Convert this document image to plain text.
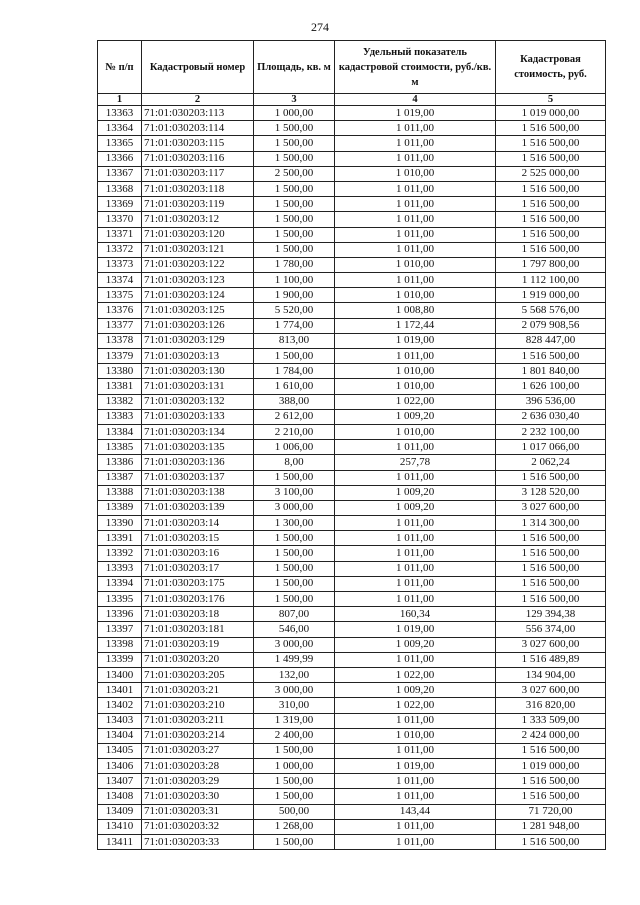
274
№ п/п	Кадастровый номер	Площадь, кв. м	Удельный показатель кадастровой стоимости, руб./кв. м	Кадастровая стоимость, руб.
1	2	3	4	5
13363	71:01:030203:113	1 000,00	1 019,00	1 019 000,00
13364	71:01:030203:114	1 500,00	1 011,00	1 516 500,00
13365	71:01:030203:115	1 500,00	1 011,00	1 516 500,00
13366	71:01:030203:116	1 500,00	1 011,00	1 516 500,00
13367	71:01:030203:117	2 500,00	1 010,00	2 525 000,00
13368	71:01:030203:118	1 500,00	1 011,00	1 516 500,00
13369	71:01:030203:119	1 500,00	1 011,00	1 516 500,00
13370	71:01:030203:12	1 500,00	1 011,00	1 516 500,00
13371	71:01:030203:120	1 500,00	1 011,00	1 516 500,00
13372	71:01:030203:121	1 500,00	1 011,00	1 516 500,00
13373	71:01:030203:122	1 780,00	1 010,00	1 797 800,00
13374	71:01:030203:123	1 100,00	1 011,00	1 112 100,00
13375	71:01:030203:124	1 900,00	1 010,00	1 919 000,00
13376	71:01:030203:125	5 520,00	1 008,80	5 568 576,00
13377	71:01:030203:126	1 774,00	1 172,44	2 079 908,56
13378	71:01:030203:129	813,00	1 019,00	828 447,00
13379	71:01:030203:13	1 500,00	1 011,00	1 516 500,00
13380	71:01:030203:130	1 784,00	1 010,00	1 801 840,00
13381	71:01:030203:131	1 610,00	1 010,00	1 626 100,00
13382	71:01:030203:132	388,00	1 022,00	396 536,00
13383	71:01:030203:133	2 612,00	1 009,20	2 636 030,40
13384	71:01:030203:134	2 210,00	1 010,00	2 232 100,00
13385	71:01:030203:135	1 006,00	1 011,00	1 017 066,00
13386	71:01:030203:136	8,00	257,78	2 062,24
13387	71:01:030203:137	1 500,00	1 011,00	1 516 500,00
13388	71:01:030203:138	3 100,00	1 009,20	3 128 520,00
13389	71:01:030203:139	3 000,00	1 009,20	3 027 600,00
13390	71:01:030203:14	1 300,00	1 011,00	1 314 300,00
13391	71:01:030203:15	1 500,00	1 011,00	1 516 500,00
13392	71:01:030203:16	1 500,00	1 011,00	1 516 500,00
13393	71:01:030203:17	1 500,00	1 011,00	1 516 500,00
13394	71:01:030203:175	1 500,00	1 011,00	1 516 500,00
13395	71:01:030203:176	1 500,00	1 011,00	1 516 500,00
13396	71:01:030203:18	807,00	160,34	129 394,38
13397	71:01:030203:181	546,00	1 019,00	556 374,00
13398	71:01:030203:19	3 000,00	1 009,20	3 027 600,00
13399	71:01:030203:20	1 499,99	1 011,00	1 516 489,89
13400	71:01:030203:205	132,00	1 022,00	134 904,00
13401	71:01:030203:21	3 000,00	1 009,20	3 027 600,00
13402	71:01:030203:210	310,00	1 022,00	316 820,00
13403	71:01:030203:211	1 319,00	1 011,00	1 333 509,00
13404	71:01:030203:214	2 400,00	1 010,00	2 424 000,00
13405	71:01:030203:27	1 500,00	1 011,00	1 516 500,00
13406	71:01:030203:28	1 000,00	1 019,00	1 019 000,00
13407	71:01:030203:29	1 500,00	1 011,00	1 516 500,00
13408	71:01:030203:30	1 500,00	1 011,00	1 516 500,00
13409	71:01:030203:31	500,00	143,44	71 720,00
13410	71:01:030203:32	1 268,00	1 011,00	1 281 948,00
13411	71:01:030203:33	1 500,00	1 011,00	1 516 500,00
